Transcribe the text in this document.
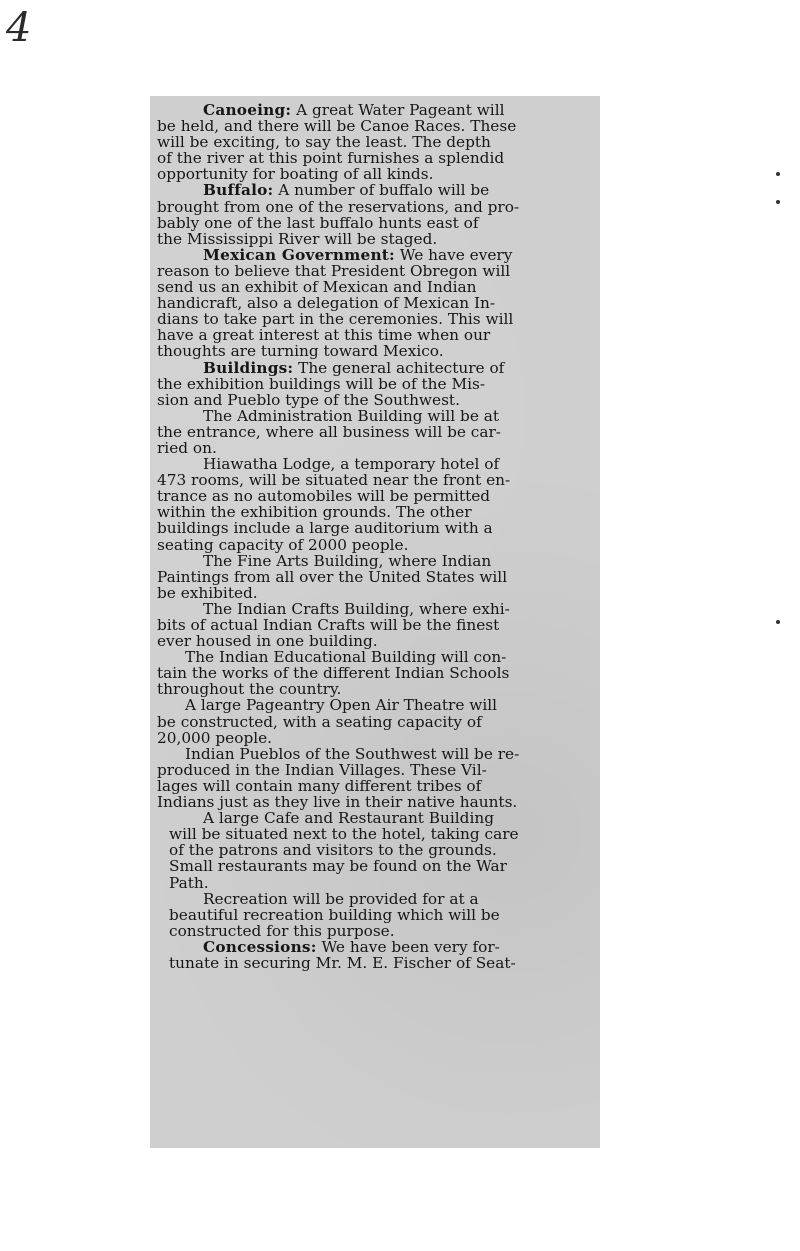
4

Canoeing: A great Water Pageant will
be held, and there will be Canoe Races. These
will be exciting, to say the least. The depth
of the river at this point furnishes a splendid
opportunity for boating of all kinds.

Buffalo: A number of buffalo will be
brought from one of the reservations, and pro-
bably one of the last buffalo hunts east of
the Mississippi River will be staged.

Mexican Government: We have every
reason to believe that President Obregon will
send us an exhibit of Mexican and Indian
handicraft, also a delegation of Mexican In-
dians to take part in the ceremonies. This will
have a great interest at this time when our
thoughts are turning toward Mexico.

Buildings: The general achitecture of
the exhibition buildings will be of the Mis-
sion and Pueblo type of the Southwest.

The Administration Building will be at
the entrance, where all business will be car-
ried on.

Hiawatha Lodge, a temporary hotel of
473 rooms, will be situated near the front en-
trance as no automobiles will be permitted
within the exhibition grounds. The other
buildings include a large auditorium with a
seating capacity of 2000 people.

The Fine Arts Building, where Indian
Paintings from all over the United States will
be exhibited.

The Indian Crafts Building, where exhi-
bits of actual Indian Crafts will be the finest
ever housed in one building.

The Indian Educational Building will con-
tain the works of the different Indian Schools
throughout the country.

A large Pageantry Open Air Theatre will
be constructed, with a seating capacity of
20,000 people.

Indian Pueblos of the Southwest will be re-
produced in the Indian Villages. These Vil-
lages will contain many different tribes of
Indians just as they live in their native haunts.

A large Cafe and Restaurant Building
will be situated next to the hotel, taking care
of the patrons and visitors to the grounds.
Small restaurants may be found on the War
Path.

Recreation will be provided for at a
beautiful recreation building which will be
constructed for this purpose.

Concessions: We have been very for-
tunate in securing Mr. M. E. Fischer of Seat-
